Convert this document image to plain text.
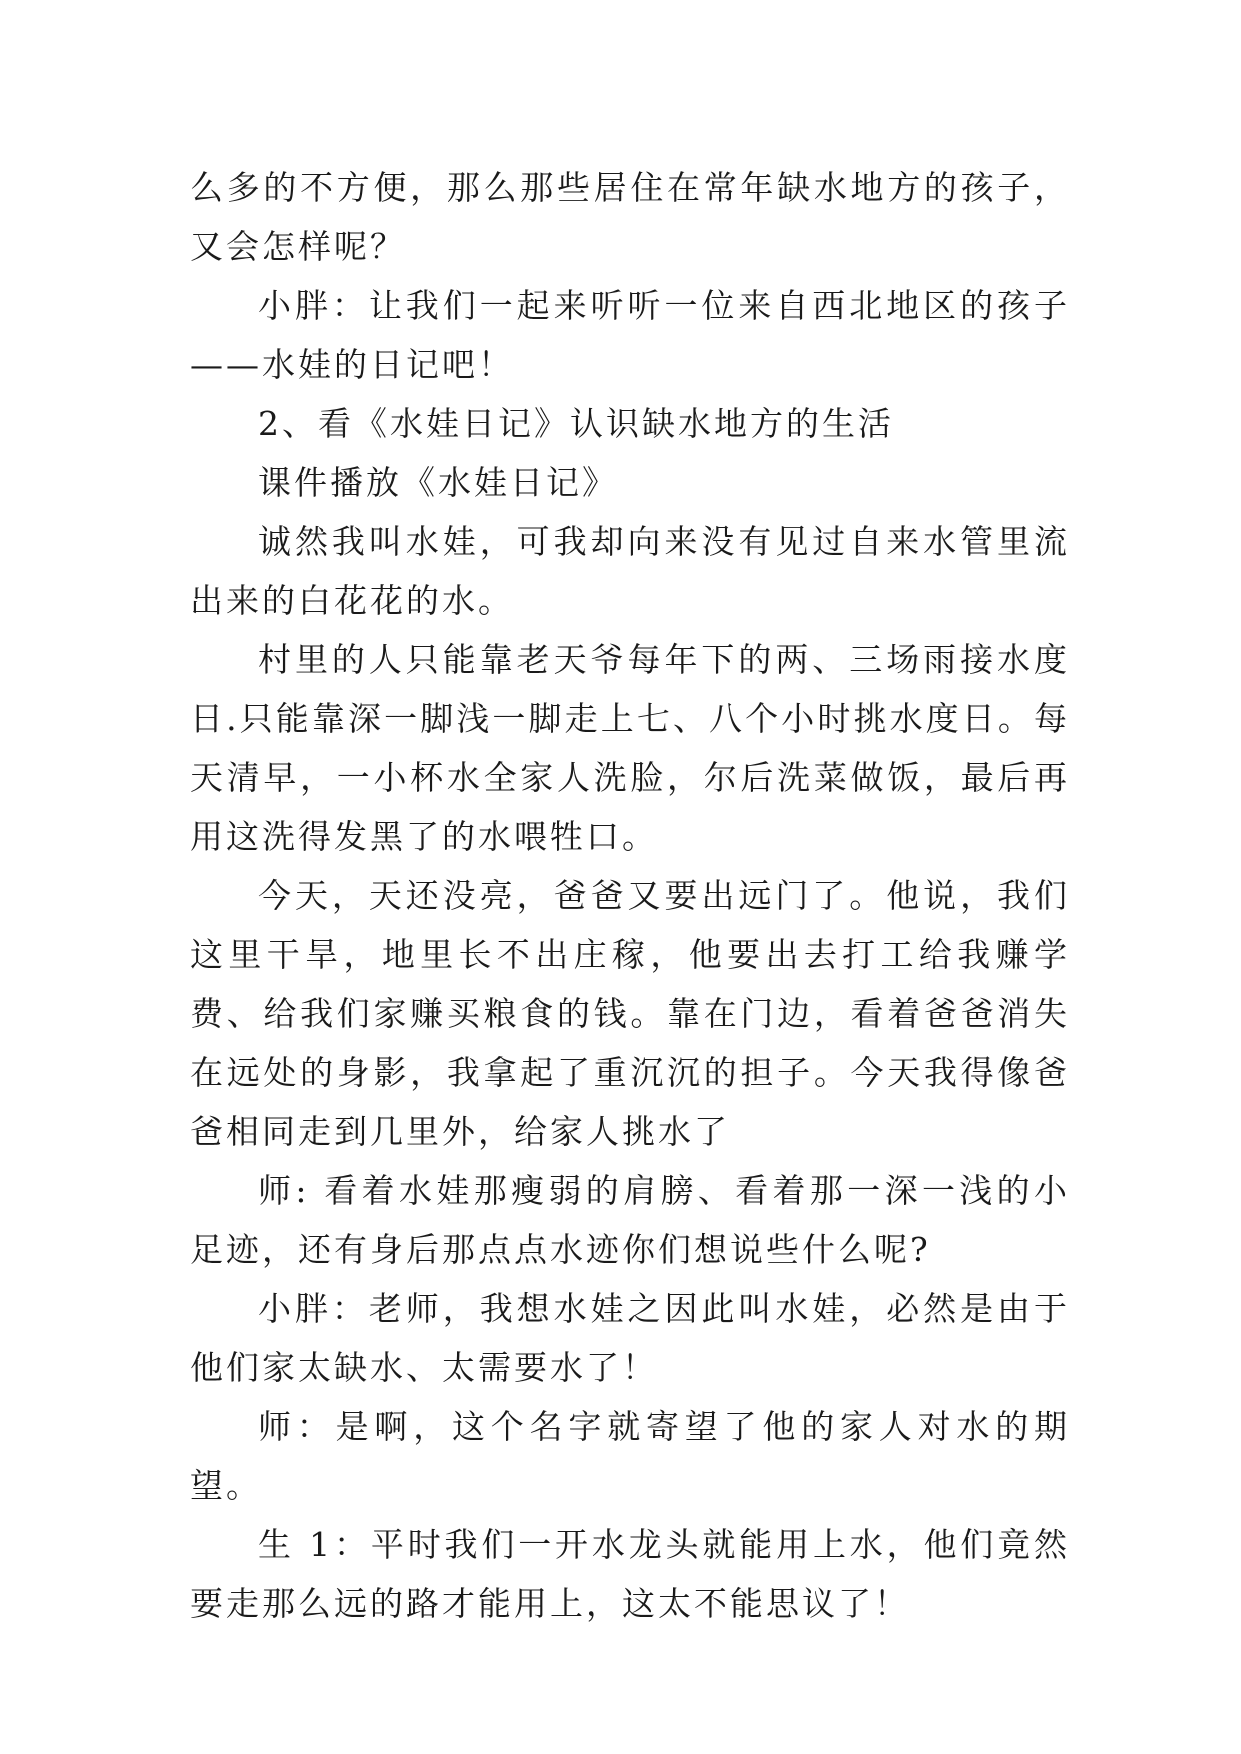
么多的不方便，那么那些居住在常年缺水地方的孩子，又会怎样呢？

小胖：让我们一起来听听一位来自西北地区的孩子——水娃的日记吧！

2、看《水娃日记》认识缺水地方的生活

课件播放《水娃日记》

诚然我叫水娃，可我却向来没有见过自来水管里流出来的白花花的水。

村里的人只能靠老天爷每年下的两、三场雨接水度日.只能靠深一脚浅一脚走上七、八个小时挑水度日。每天清早，一小杯水全家人洗脸，尔后洗菜做饭，最后再用这洗得发黑了的水喂牲口。

今天，天还没亮，爸爸又要出远门了。他说，我们这里干旱，地里长不出庄稼，他要出去打工给我赚学费、给我们家赚买粮食的钱。靠在门边，看着爸爸消失在远处的身影，我拿起了重沉沉的担子。今天我得像爸爸相同走到几里外，给家人挑水了

师: 看着水娃那瘦弱的肩膀、看着那一深一浅的小足迹，还有身后那点点水迹你们想说些什么呢?

小胖：老师，我想水娃之因此叫水娃，必然是由于他们家太缺水、太需要水了！

师：是啊，这个名字就寄望了他的家人对水的期望。

生 1：平时我们一开水龙头就能用上水，他们竟然要走那么远的路才能用上，这太不能思议了！
